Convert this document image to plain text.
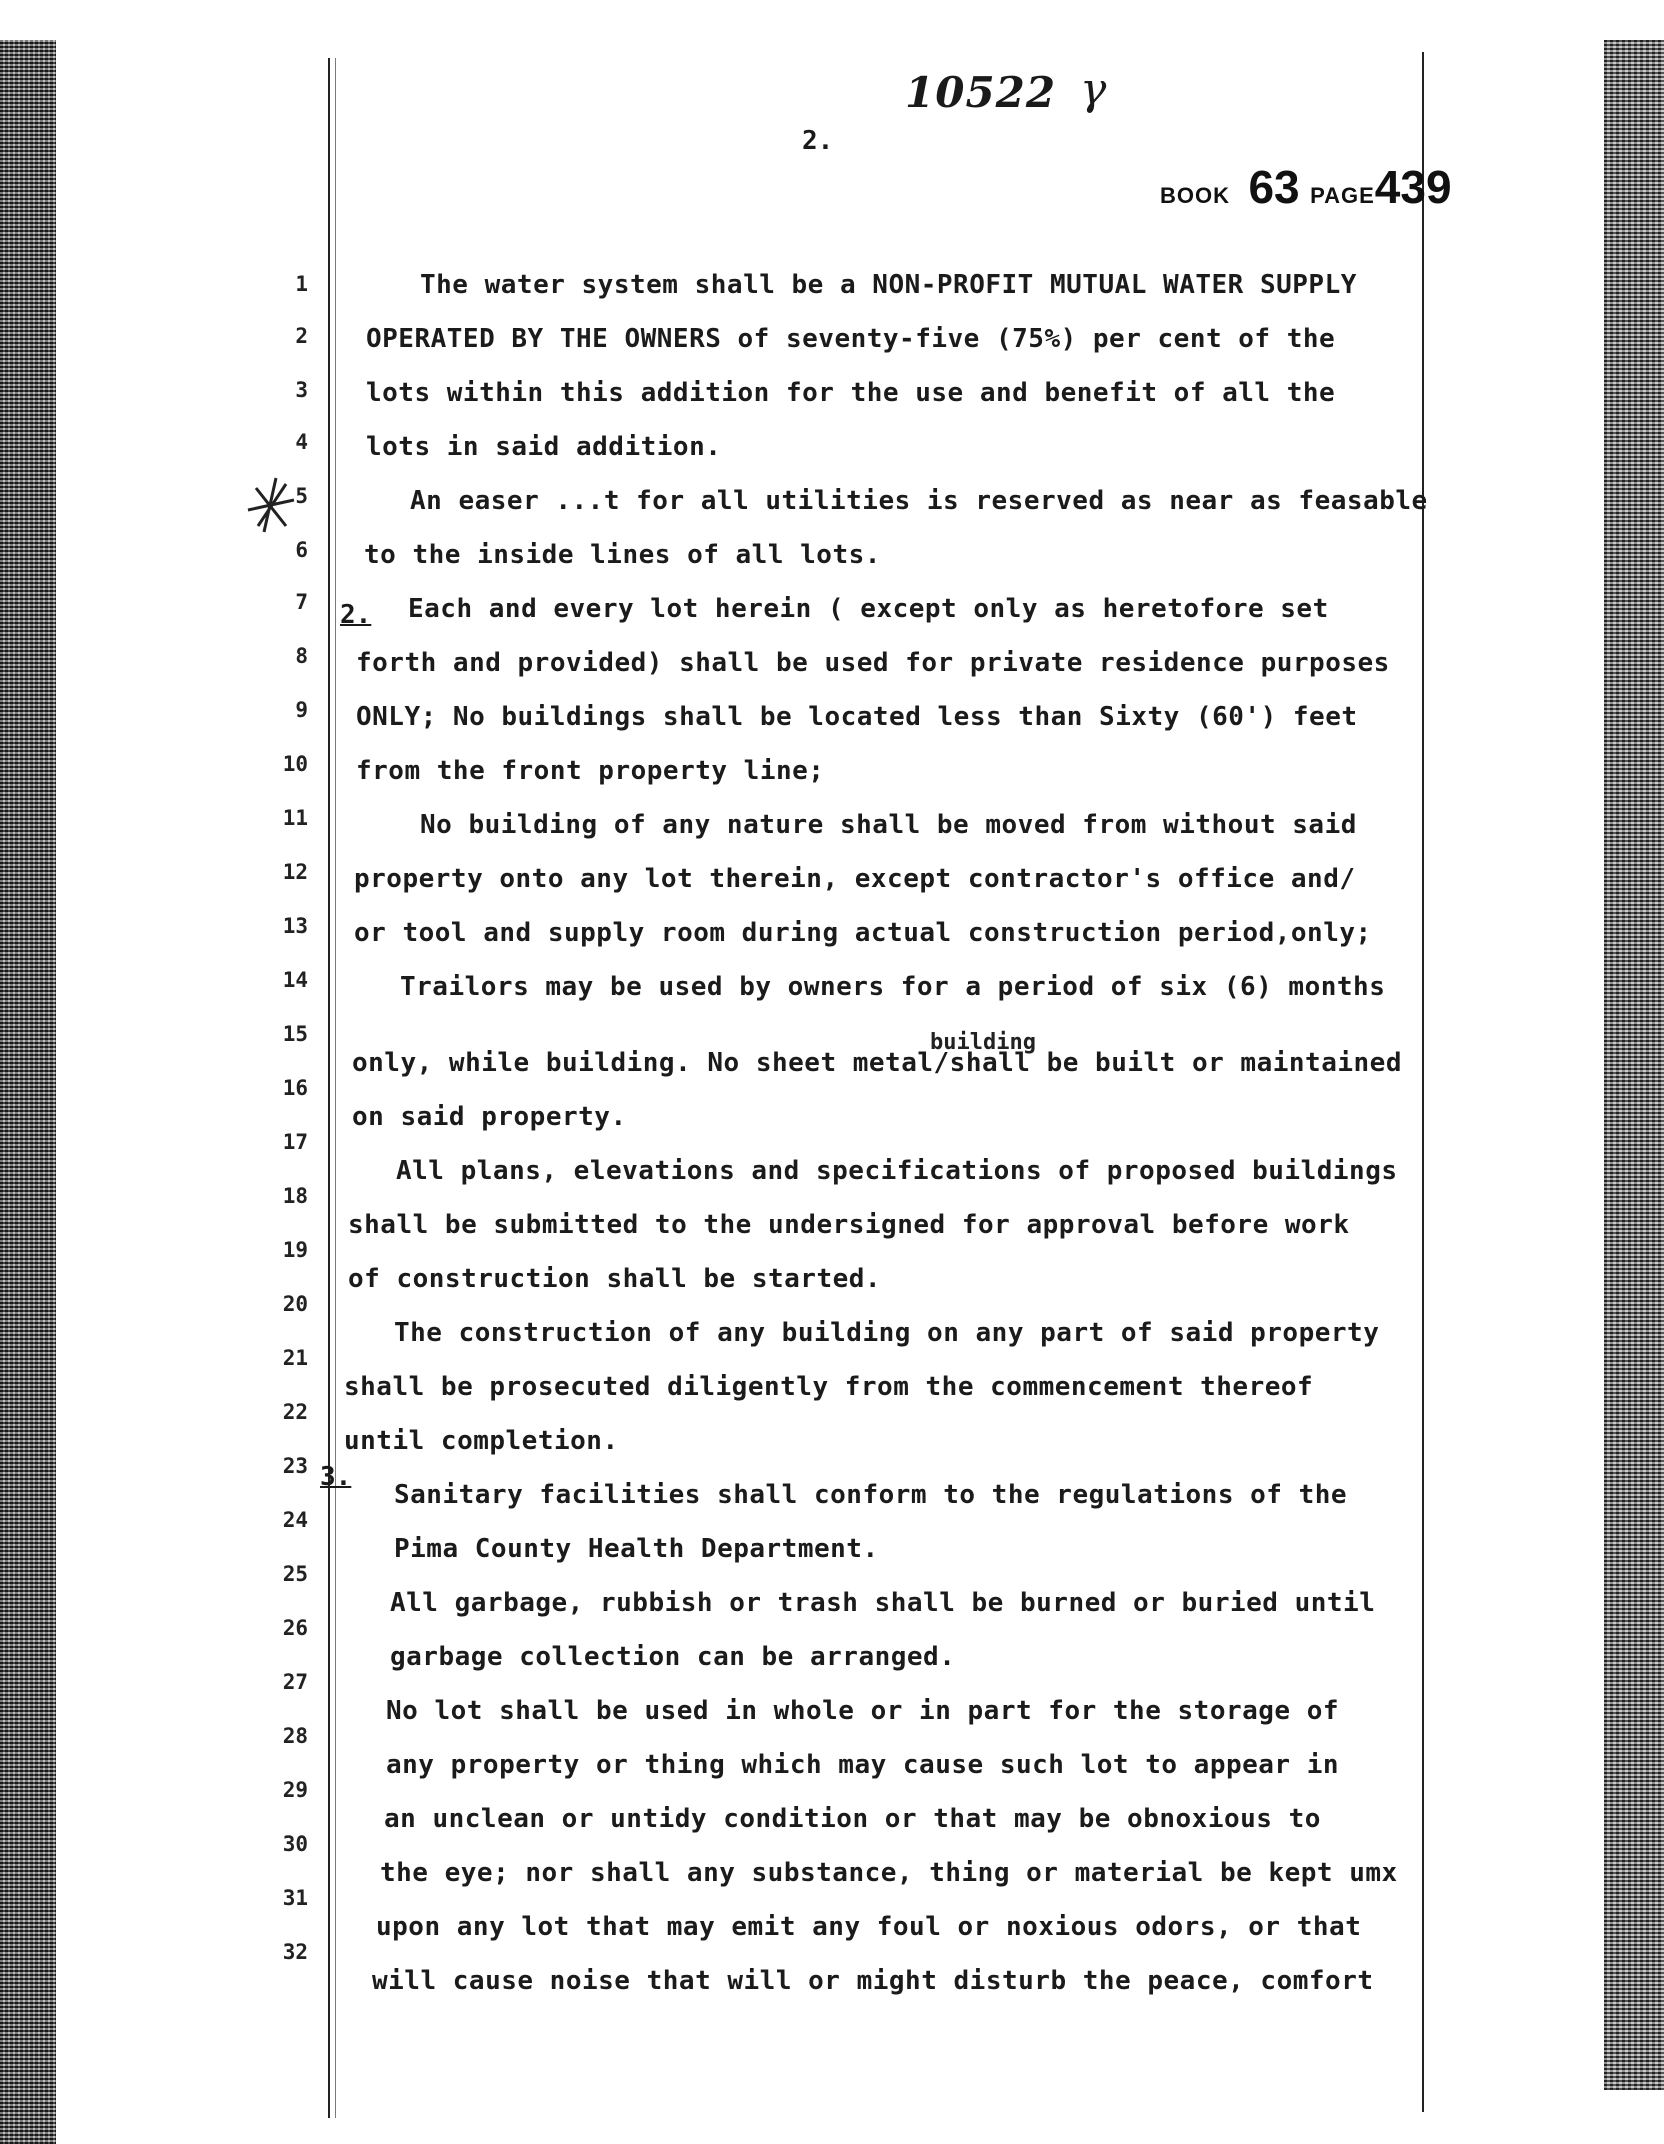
10522 γ
2.
BOOK 63 PAGE439
1
2
3
4
5
6
7
8
9
10
11
12
13
14
15
16
17
18
19
20
21
22
23
24
25
26
27
28
29
30
31
32
2.
3.
building
The water system shall be a NON-PROFIT MUTUAL WATER SUPPLY
OPERATED BY THE OWNERS of seventy-five (75%) per cent of the
lots within this addition for the use and benefit of all the
lots in said addition.
An easer ...t for all utilities is reserved as near as feasable
to the inside lines of all lots.
Each and every lot herein ( except only as heretofore set
forth and provided) shall be used for private residence purposes
ONLY; No buildings shall be located less than Sixty (60') feet
from the front property line;
No building of any nature shall be moved from without said
property onto any lot therein, except contractor's office and/
or tool and supply room during actual construction period,only;
Trailors may be used by owners for a period of six (6) months
only, while building. No sheet metal/shall be built or maintained
on said property.
All plans, elevations and specifications of proposed buildings
shall be submitted to the undersigned for approval before work
of construction shall be started.
The construction of any building on any part of said property
shall be prosecuted diligently from the commencement thereof
until completion.
Sanitary facilities shall conform to the regulations of the
Pima County Health Department.
All garbage, rubbish or trash shall be burned or buried until
garbage collection can be arranged.
No lot shall be used in whole or in part for the storage of
any property or thing which may cause such lot to appear in
an unclean or untidy condition or that may be obnoxious to
the eye; nor shall any substance, thing or material be kept umx
upon any lot that may emit any foul or noxious odors, or that
will cause noise that will or might disturb the peace, comfort
